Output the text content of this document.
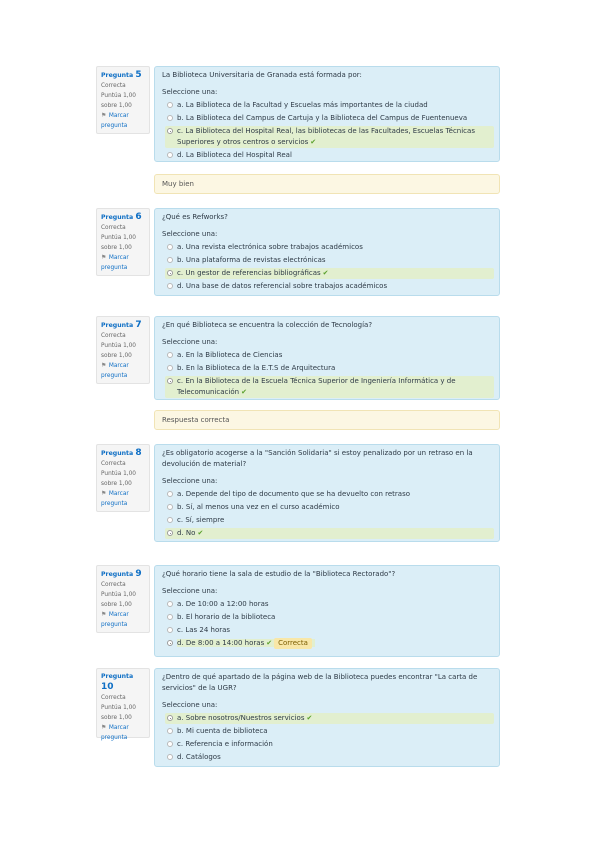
Pregunta 5
Correcta
Puntúa 1,00
sobre 1,00
⚑ Marcar pregunta
La Biblioteca Universitaria de Granada está formada por:
Seleccione una:
a. La Biblioteca de la Facultad y Escuelas más importantes de la ciudad
b. La Biblioteca del Campus de Cartuja y la Biblioteca del Campus de Fuentenueva
c. La Biblioteca del Hospital Real, las bibliotecas de las Facultades, Escuelas Técnicas Superiores y otros centros o servicios ✔
d. La Biblioteca del Hospital Real
Muy bien
Pregunta 6
Correcta
Puntúa 1,00
sobre 1,00
⚑ Marcar pregunta
¿Qué es Refworks?
Seleccione una:
a. Una revista electrónica sobre trabajos académicos
b. Una plataforma de revistas electrónicas
c. Un gestor de referencias bibliográficas ✔
d. Una base de datos referencial sobre trabajos académicos
Pregunta 7
Correcta
Puntúa 1,00
sobre 1,00
⚑ Marcar pregunta
¿En qué Biblioteca se encuentra la colección de Tecnología?
Seleccione una:
a. En la Biblioteca de Ciencias
b. En la Biblioteca de la E.T.S de Arquitectura
c. En la Biblioteca de la Escuela Técnica Superior de Ingeniería Informática y de Telecomunicación ✔
Respuesta correcta
Pregunta 8
Correcta
Puntúa 1,00
sobre 1,00
⚑ Marcar pregunta
¿Es obligatorio acogerse a la "Sanción Solidaria" si estoy penalizado por un retraso en la devolución de material?
Seleccione una:
a. Depende del tipo de documento que se ha devuelto con retraso
b. Sí, al menos una vez en el curso académico
c. Sí, siempre
d. No ✔
Pregunta 9
Correcta
Puntúa 1,00
sobre 1,00
⚑ Marcar pregunta
¿Qué horario tiene la sala de estudio de la "Biblioteca Rectorado"?
Seleccione una:
a. De 10:00 a 12:00 horas
b. El horario de la biblioteca
c. Las 24 horas
d. De 8:00 a 14:00 horas ✔ Correcta
Pregunta 10
Correcta
Puntúa 1,00
sobre 1,00
⚑ Marcar pregunta
¿Dentro de qué apartado de la página web de la Biblioteca puedes encontrar "La carta de servicios" de la UGR?
Seleccione una:
a. Sobre nosotros/Nuestros servicios ✔
b. Mi cuenta de biblioteca
c. Referencia e información
d. Catálogos
